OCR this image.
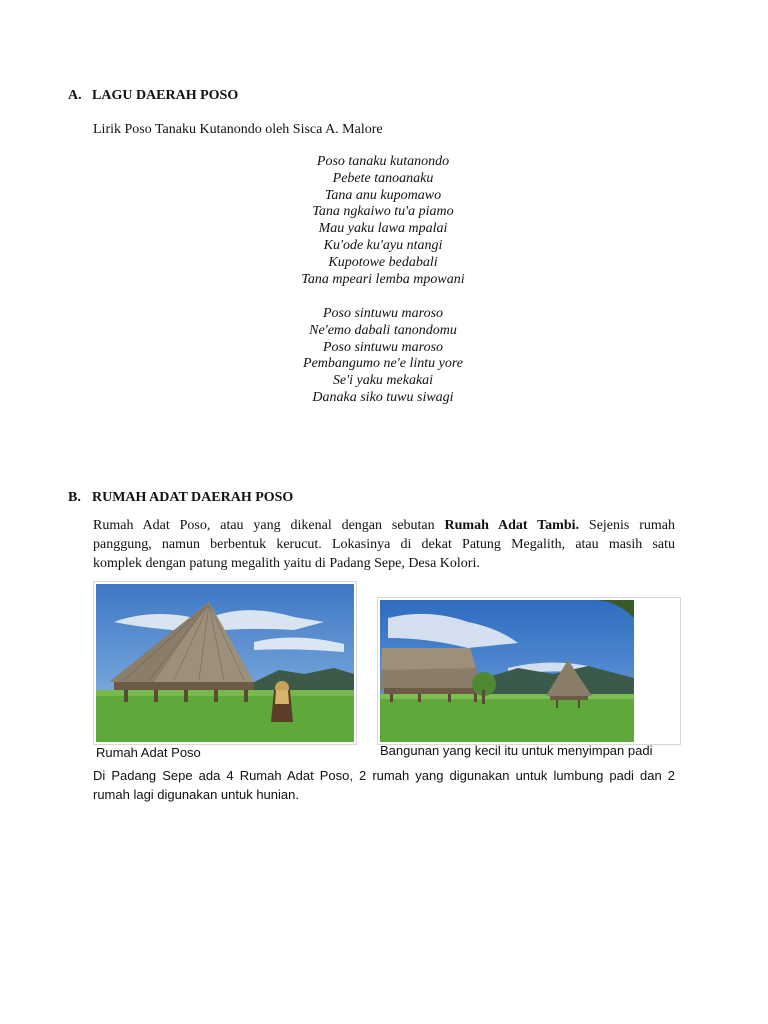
A. LAGU DAERAH POSO
Lirik Poso Tanaku Kutanondo oleh Sisca A. Malore
Poso tanaku kutanondo
Pebete tanoanaku
Tana anu kupomawo
Tana ngkaiwo tu'a piamo
Mau yaku lawa mpalai
Ku'ode ku'ayu ntangi
Kupotowe bedabali
Tana mpeari lemba mpowani
Poso sintuwu maroso
Ne'emo dabali tanondomu
Poso sintuwu maroso
Pembangumo ne'e lintu yore
Se'i yaku mekakai
Danaka siko tuwu siwagi
B. RUMAH ADAT DAERAH POSO
Rumah Adat Poso, atau yang dikenal dengan sebutan Rumah Adat Tambi. Sejenis rumah
panggung, namun berbentuk kerucut. Lokasinya di dekat Patung Megalith, atau masih satu
komplek dengan patung megalith yaitu di Padang Sepe, Desa Kolori.
Rumah Adat Poso	Bangunan yang kecil itu untuk menyimpan padi
Di Padang Sepe ada 4 Rumah Adat Poso, 2 rumah yang digunakan untuk lumbung padi dan 2
rumah lagi digunakan untuk hunian.
